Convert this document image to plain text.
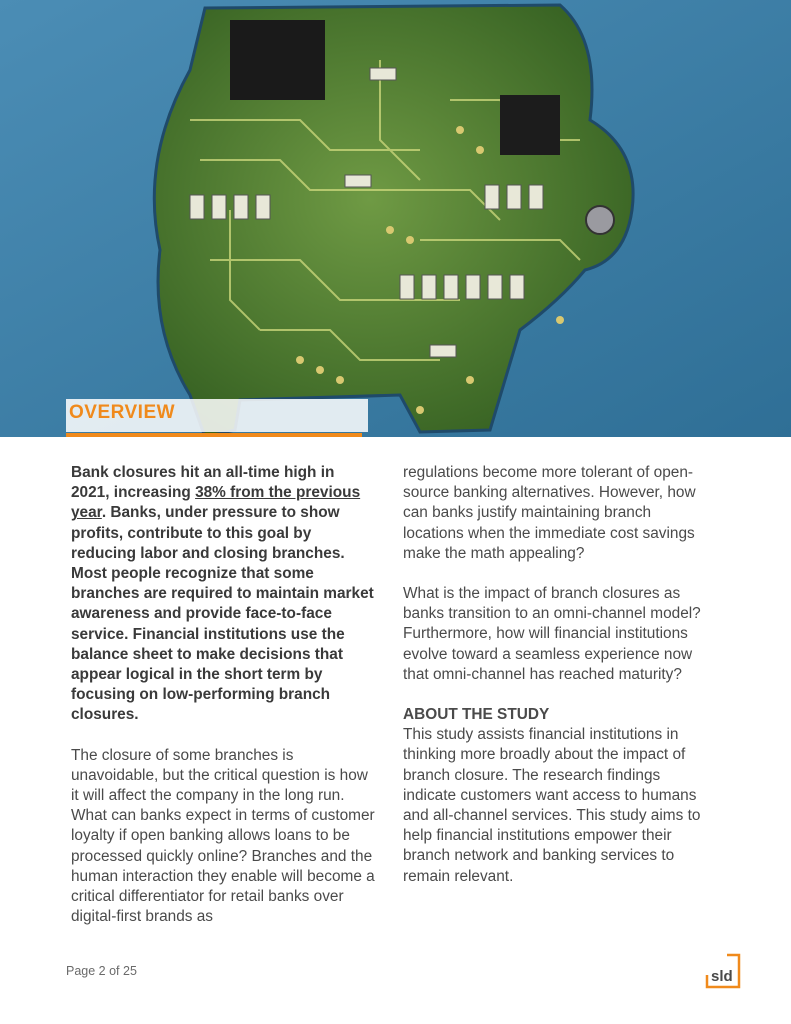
OVERVIEW

Bank closures hit an all-time high in 2021, increasing 38% from the previous year. Banks, under pressure to show profits, contribute to this goal by reducing labor and closing branches. Most people recognize that some branches are required to maintain market awareness and provide face-to-face service. Financial institutions use the balance sheet to make decisions that appear logical in the short term by focusing on low-performing branch closures.

The closure of some branches is unavoidable, but the critical question is how it will affect the company in the long run. What can banks expect in terms of customer loyalty if open banking allows loans to be processed quickly online? Branches and the human interaction they enable will become a critical differentiator for retail banks over digital-first brands as

regulations become more tolerant of open-source banking alternatives. However, how can banks justify maintaining branch locations when the immediate cost savings make the math appealing?

What is the impact of branch closures as banks transition to an omni-channel model? Furthermore, how will financial institutions evolve toward a seamless experience now that omni-channel has reached maturity?

ABOUT THE STUDY

This study assists financial institutions in thinking more broadly about the impact of branch closure. The research findings indicate customers want access to humans and all-channel services. This study aims to help financial institutions empower their branch network and banking services to remain relevant.

Page 2 of 25	sld
